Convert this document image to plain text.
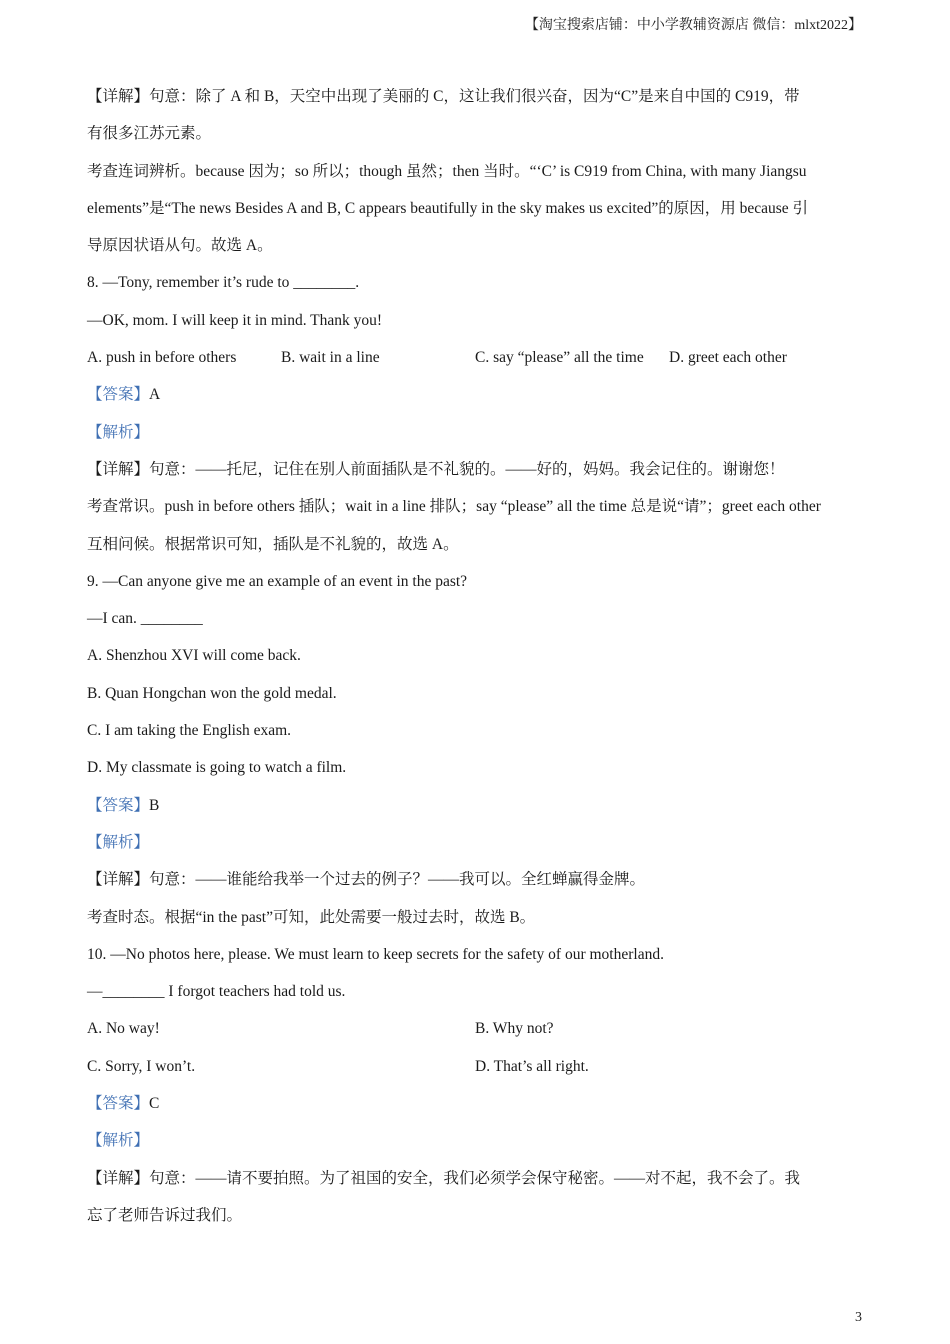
【淘宝搜索店铺：中小学教辅资源店 微信：mlxt2022】
【详解】句意：除了 A 和 B，天空中出现了美丽的 C，这让我们很兴奋，因为“C”是来自中国的 C919，带
有很多江苏元素。
考查连词辨析。because 因为；so 所以；though 虽然；then 当时。“‘C’ is C919 from China, with many Jiangsu
elements”是“The news Besides A and B, C appears beautifully in the sky makes us excited”的原因，用 because 引
导原因状语从句。故选 A。
8. —Tony, remember it’s rude to ________.
—OK, mom. I will keep it in mind. Thank you!
A. push in before others	B. wait in a line	C. say “please” all the time	D. greet each other
【答案】A
【解析】
【详解】句意：——托尼，记住在别人前面插队是不礼貌的。——好的，妈妈。我会记住的。谢谢您！
考查常识。push in before others 插队；wait in a line 排队；say “please” all the time 总是说“请”；greet each other
互相问候。根据常识可知，插队是不礼貌的，故选 A。
9. —Can anyone give me an example of an event in the past?
—I can. ________
A. Shenzhou XVI will come back.
B. Quan Hongchan won the gold medal.
C. I am taking the English exam.
D. My classmate is going to watch a film.
【答案】B
【解析】
【详解】句意：——谁能给我举一个过去的例子？——我可以。全红蝉赢得金牌。
考查时态。根据“in the past”可知，此处需要一般过去时，故选 B。
10. —No photos here, please. We must learn to keep secrets for the safety of our motherland.
—________ I forgot teachers had told us.
A. No way!	B. Why not?
C. Sorry, I won’t.	D. That’s all right.
【答案】C
【解析】
【详解】句意：——请不要拍照。为了祖国的安全，我们必须学会保守秘密。——对不起，我不会了。我
忘了老师告诉过我们。
3
